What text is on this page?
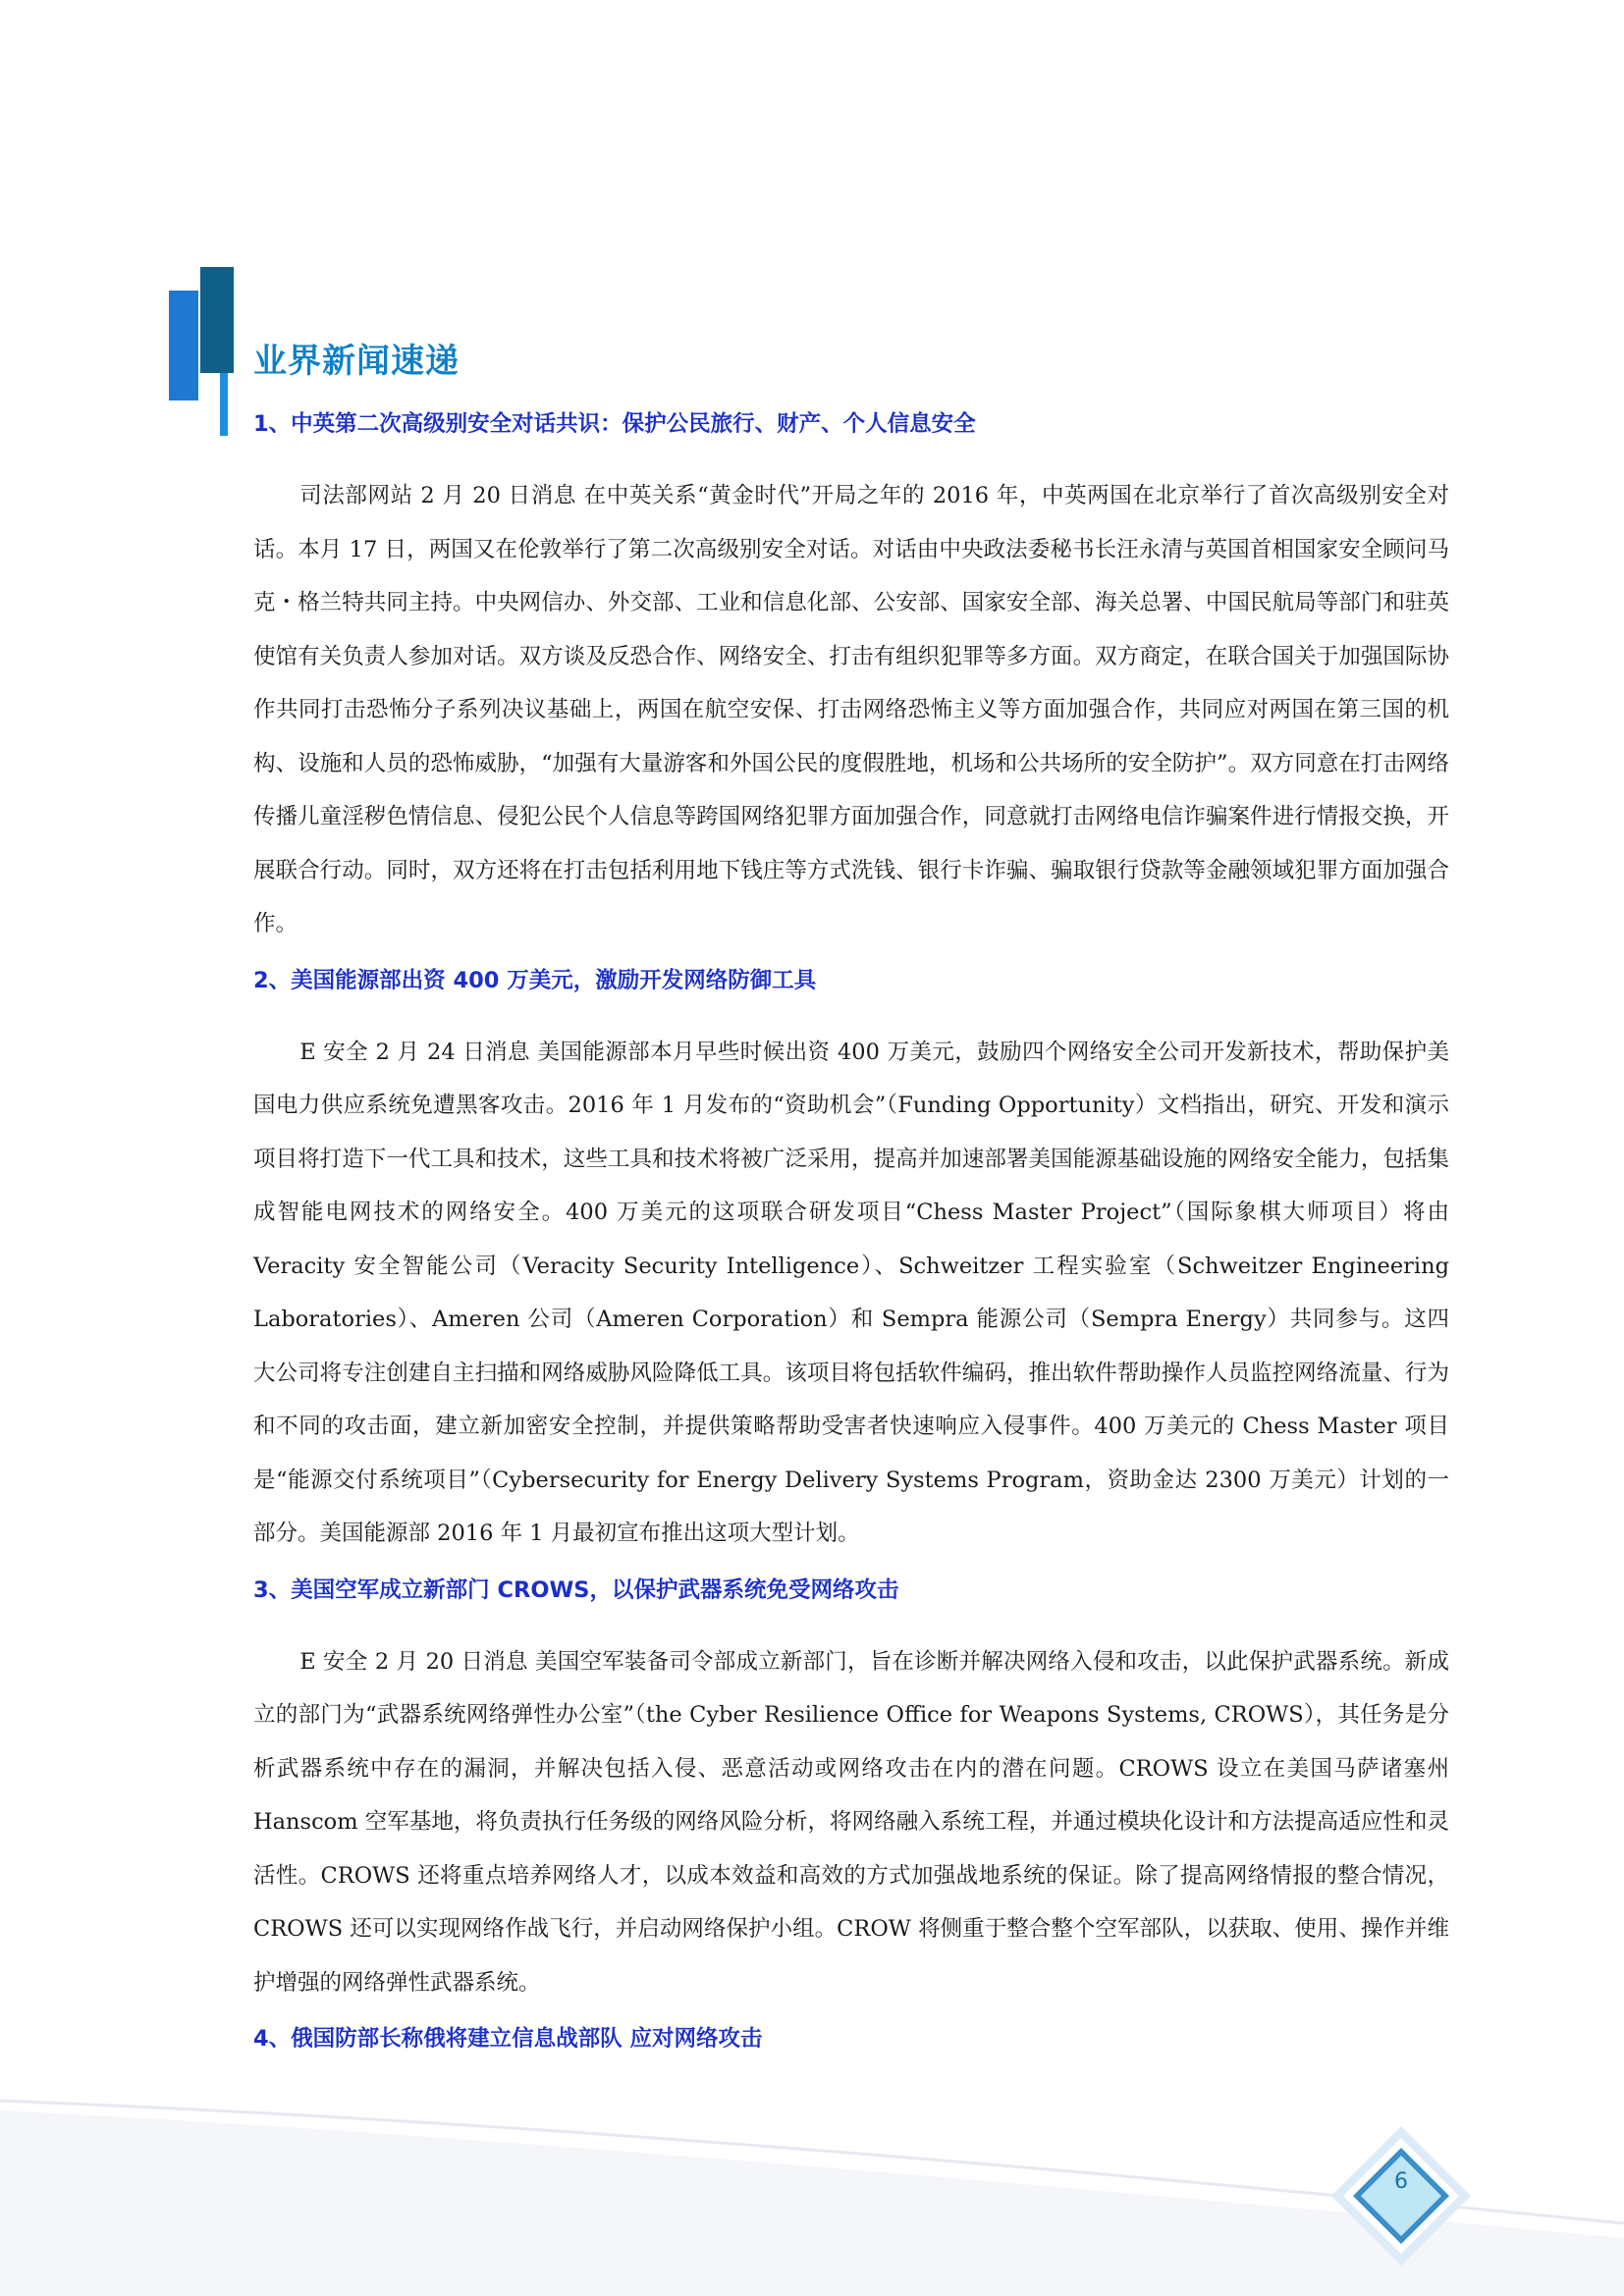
业界新闻速递
1、中英第二次高级别安全对话共识：保护公民旅行、财产、个人信息安全

司法部网站 2 月 20 日消息 在中英关系“黄金时代”开局之年的 2016 年，中英两国在北京举行了首次高级别安全对话。本月 17 日，两国又在伦敦举行了第二次高级别安全对话。对话由中央政法委秘书长汪永清与英国首相国家安全顾问马克・格兰特共同主持。中央网信办、外交部、工业和信息化部、公安部、国家安全部、海关总署、中国民航局等部门和驻英使馆有关负责人参加对话。双方谈及反恐合作、网络安全、打击有组织犯罪等多方面。双方商定，在联合国关于加强国际协作共同打击恐怖分子系列决议基础上，两国在航空安保、打击网络恐怖主义等方面加强合作，共同应对两国在第三国的机构、设施和人员的恐怖威胁，“加强有大量游客和外国公民的度假胜地，机场和公共场所的安全防护”。双方同意在打击网络传播儿童淫秽色情信息、侵犯公民个人信息等跨国网络犯罪方面加强合作，同意就打击网络电信诈骗案件进行情报交换，开展联合行动。同时，双方还将在打击包括利用地下钱庄等方式洗钱、银行卡诈骗、骗取银行贷款等金融领域犯罪方面加强合作。

2、美国能源部出资 400 万美元，激励开发网络防御工具

E 安全 2 月 24 日消息 美国能源部本月早些时候出资 400 万美元，鼓励四个网络安全公司开发新技术，帮助保护美国电力供应系统免遭黑客攻击。2016 年 1 月发布的“资助机会”（Funding Opportunity）文档指出，研究、开发和演示项目将打造下一代工具和技术，这些工具和技术将被广泛采用，提高并加速部署美国能源基础设施的网络安全能力，包括集成智能电网技术的网络安全。400 万美元的这项联合研发项目“Chess Master Project”（国际象棋大师项目）将由 Veracity 安全智能公司（Veracity Security Intelligence）、Schweitzer 工程实验室（Schweitzer Engineering Laboratories）、Ameren 公司（Ameren Corporation）和 Sempra 能源公司（Sempra Energy）共同参与。这四大公司将专注创建自主扫描和网络威胁风险降低工具。该项目将包括软件编码，推出软件帮助操作人员监控网络流量、行为和不同的攻击面，建立新加密安全控制，并提供策略帮助受害者快速响应入侵事件。400 万美元的 Chess Master 项目是“能源交付系统项目”（Cybersecurity for Energy Delivery Systems Program，资助金达 2300 万美元）计划的一部分。美国能源部 2016 年 1 月最初宣布推出这项大型计划。

3、美国空军成立新部门 CROWS，以保护武器系统免受网络攻击

E 安全 2 月 20 日消息 美国空军装备司令部成立新部门，旨在诊断并解决网络入侵和攻击，以此保护武器系统。新成立的部门为“武器系统网络弹性办公室”（the Cyber Resilience Office for Weapons Systems, CROWS），其任务是分析武器系统中存在的漏洞，并解决包括入侵、恶意活动或网络攻击在内的潜在问题。CROWS 设立在美国马萨诸塞州 Hanscom 空军基地，将负责执行任务级的网络风险分析，将网络融入系统工程，并通过模块化设计和方法提高适应性和灵活性。CROWS 还将重点培养网络人才，以成本效益和高效的方式加强战地系统的保证。除了提高网络情报的整合情况，CROWS 还可以实现网络作战飞行，并启动网络保护小组。CROW 将侧重于整合整个空军部队，以获取、使用、操作并维护增强的网络弹性武器系统。

4、俄国防部长称俄将建立信息战部队 应对网络攻击
6
